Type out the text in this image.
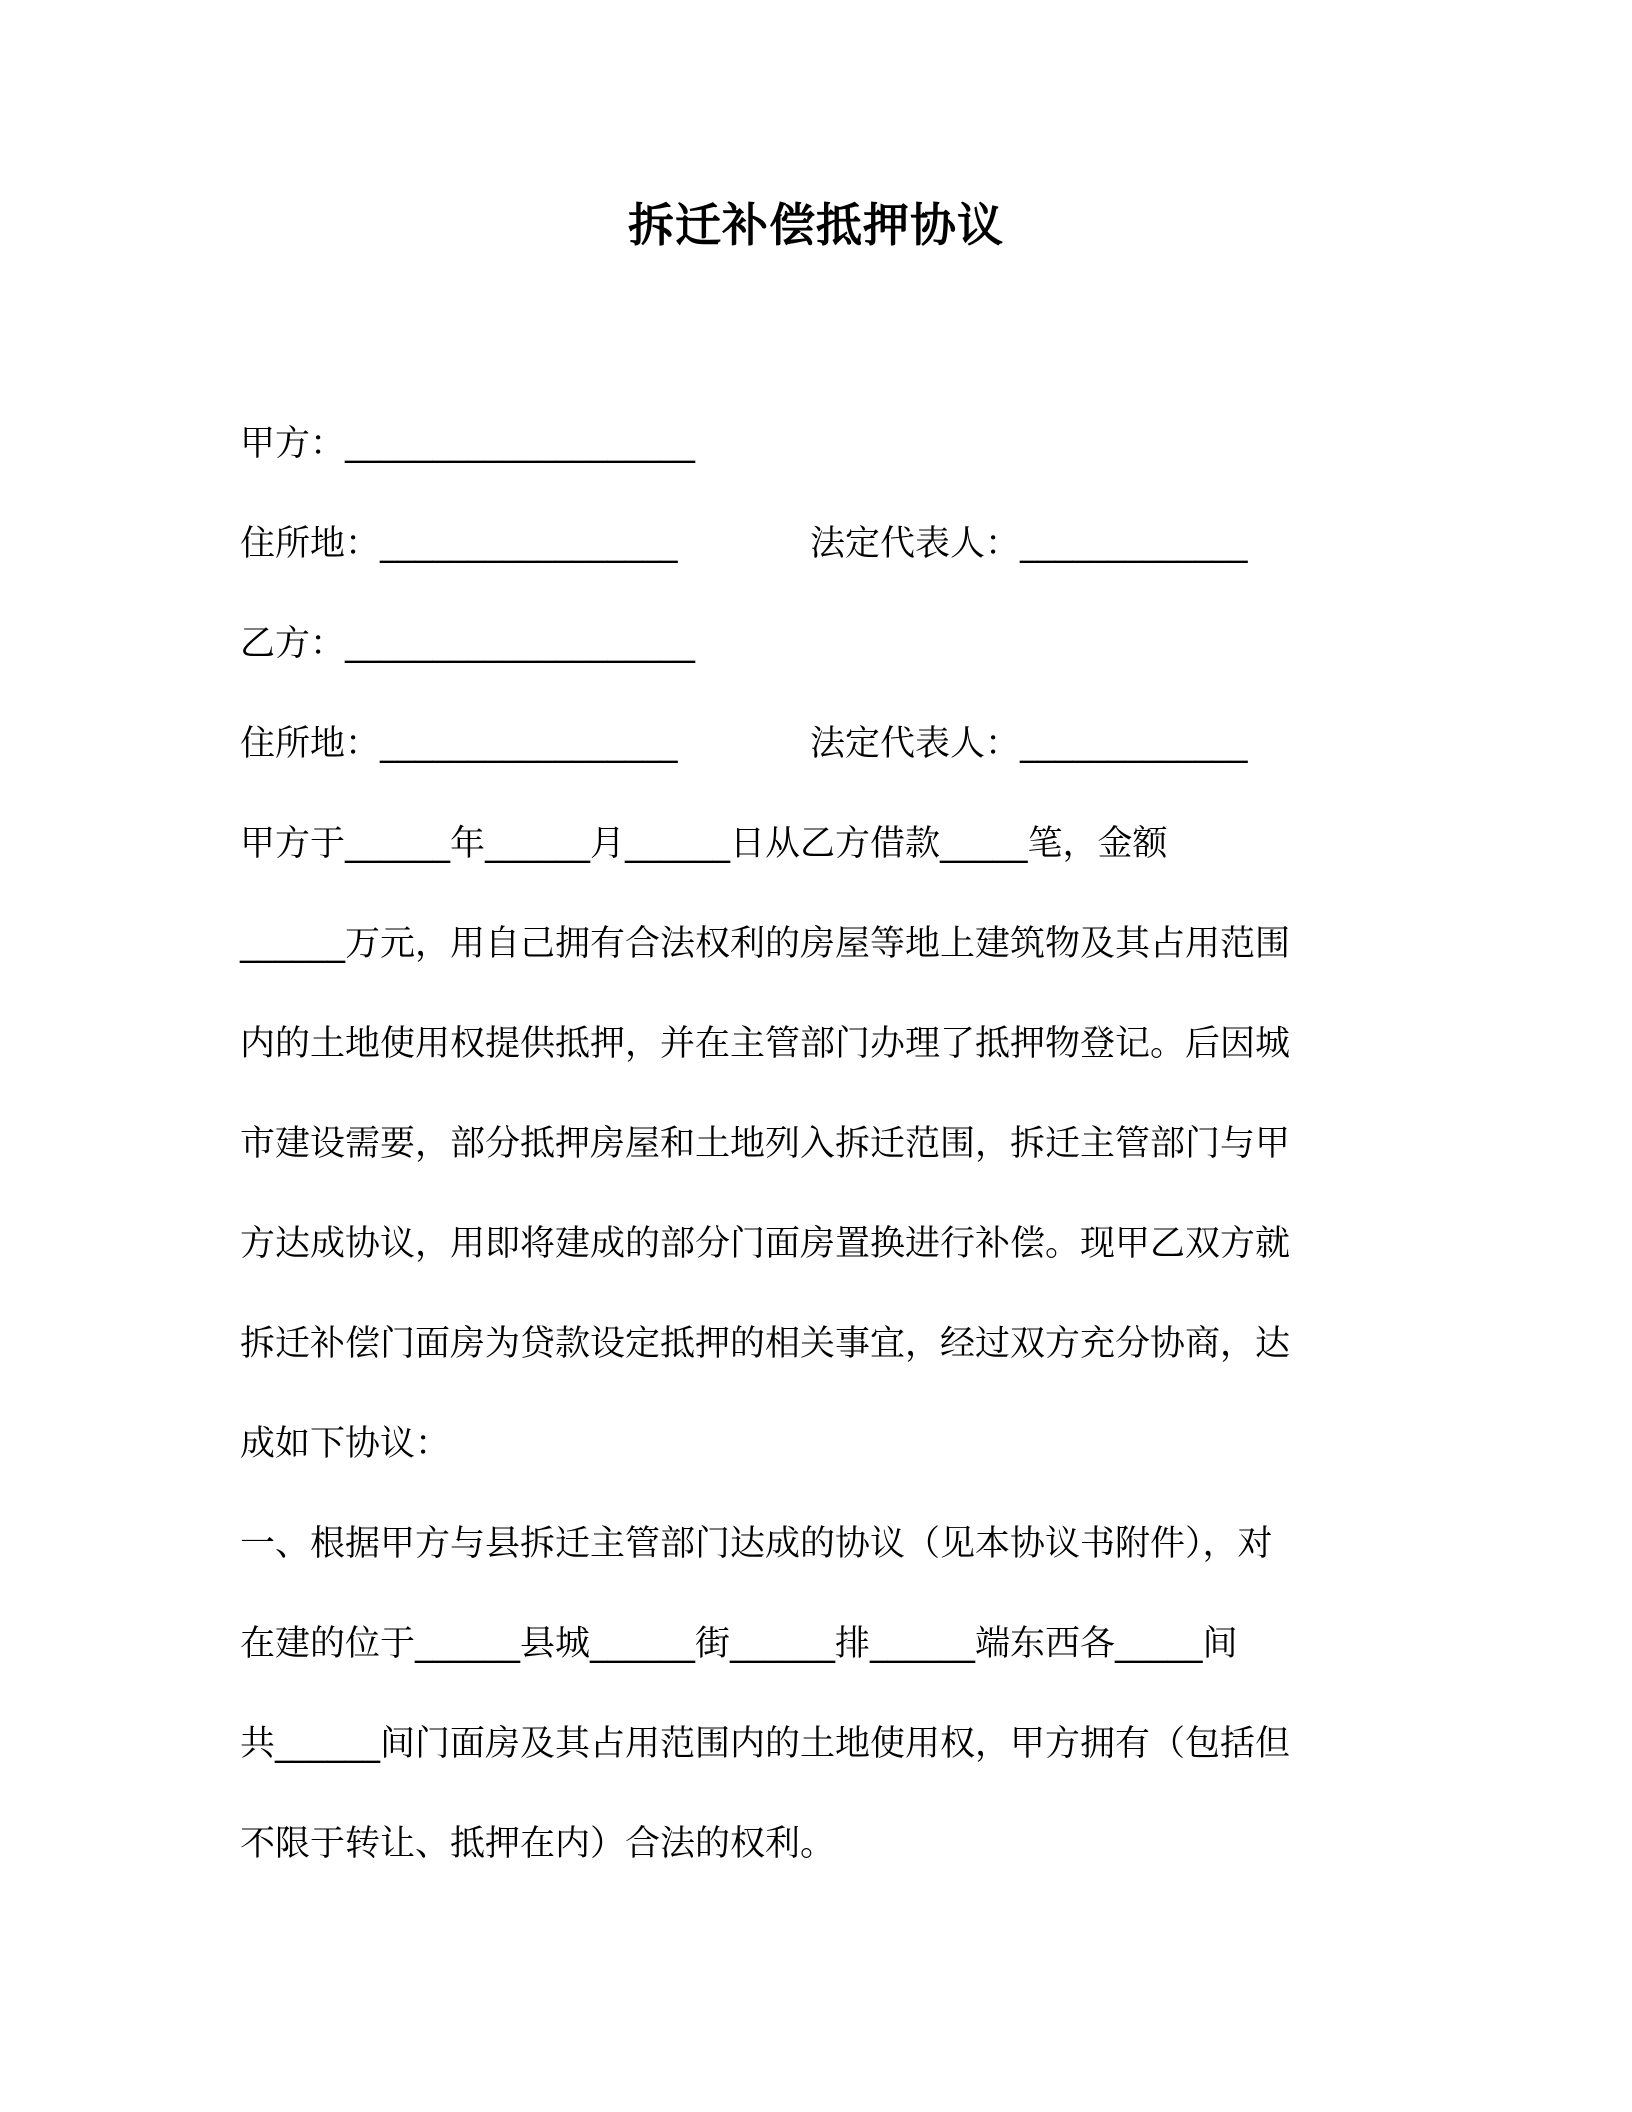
拆迁补偿抵押协议
甲方：____________________
住所地：_________________	法定代表人：_____________
乙方：____________________
住所地：_________________	法定代表人：_____________
甲方于______年______月______日从乙方借款_____笔，金额
______万元，用自己拥有合法权利的房屋等地上建筑物及其占用范围
内的土地使用权提供抵押，并在主管部门办理了抵押物登记。后因城
市建设需要，部分抵押房屋和土地列入拆迁范围，拆迁主管部门与甲
方达成协议，用即将建成的部分门面房置换进行补偿。现甲乙双方就
拆迁补偿门面房为贷款设定抵押的相关事宜，经过双方充分协商，达
成如下协议：
一、根据甲方与县拆迁主管部门达成的协议（见本协议书附件），对
在建的位于______县城______街______排______端东西各_____间
共______间门面房及其占用范围内的土地使用权，甲方拥有（包括但
不限于转让、抵押在内）合法的权利。
